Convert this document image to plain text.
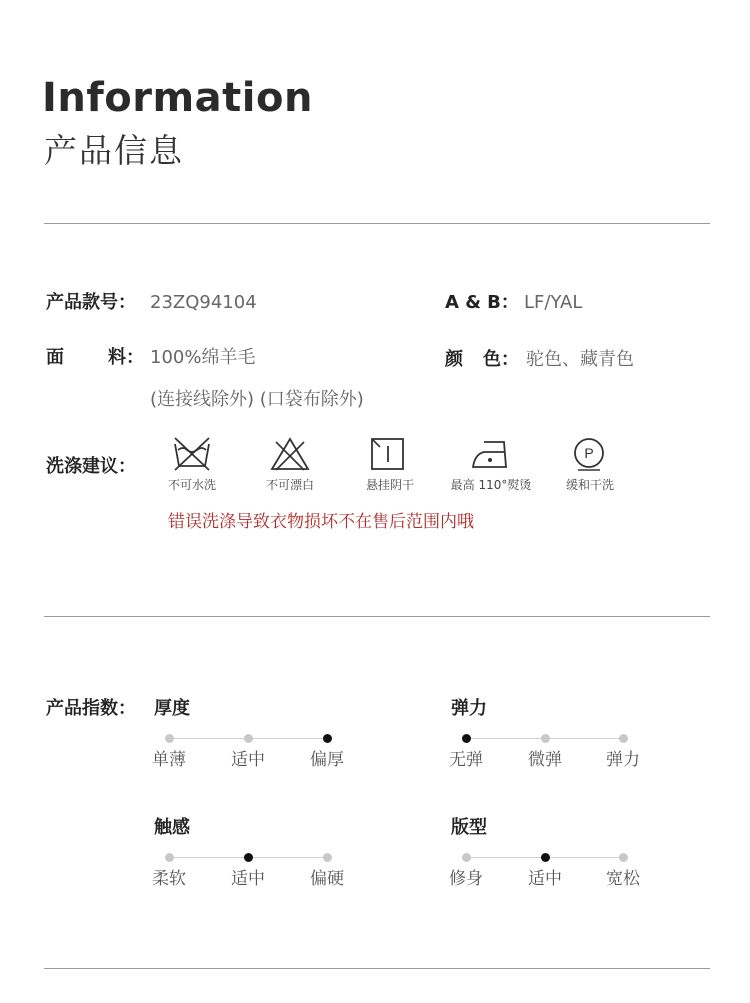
Information
产品信息
产品款号： 23ZQ94104	A & B： LF/YAL
面 料： 100%绵羊毛
(连接线除外) (口袋布除外)
颜 色： 驼色、藏青色
洗涤建议：
不可水洗	不可漂白	悬挂阴干	最高 110°熨烫
P
缓和干洗
错误洗涤导致衣物损坏不在售后范围内哦
产品指数： 厚度
单薄	适中	偏厚
弹力
无弹	微弹	弹力
触感
柔软	适中	偏硬
版型
修身	适中	宽松
